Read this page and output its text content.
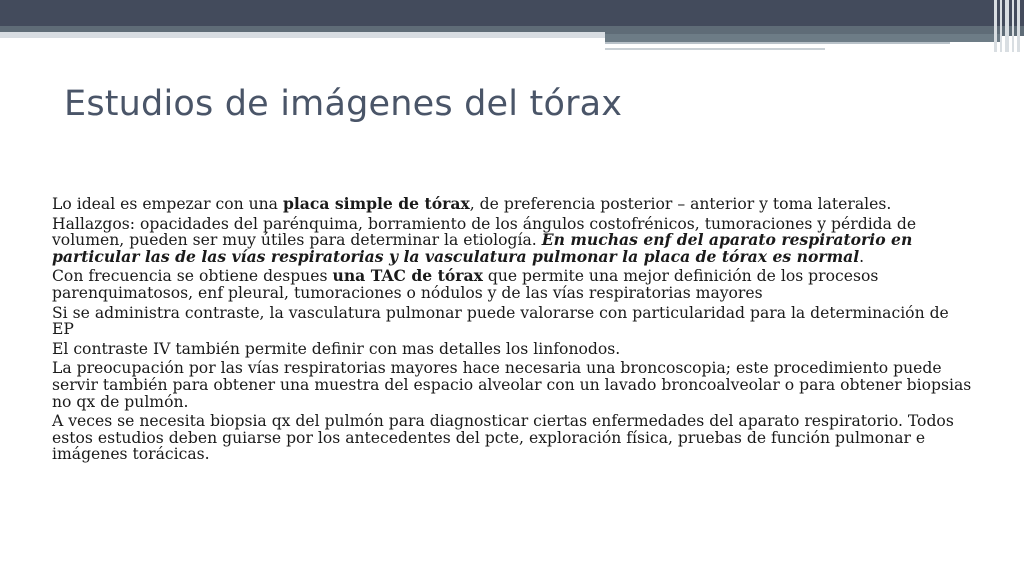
Estudios de imágenes del tórax

Lo ideal es empezar con una placa simple de tórax, de preferencia posterior – anterior y toma laterales.

Hallazgos: opacidades del parénquima, borramiento de los ángulos costofrénicos, tumoraciones y pérdida de volumen, pueden ser muy útiles para determinar la etiología. En muchas enf del aparato respiratorio en particular las de las vías respiratorias y la vasculatura pulmonar la placa de tórax es normal.

Con frecuencia se obtiene despues una TAC de tórax que permite una mejor definición de los procesos parenquimatosos, enf pleural, tumoraciones o nódulos y de las vías respiratorias mayores

Si se administra contraste, la vasculatura pulmonar puede valorarse con particularidad para la determinación de EP

El contraste IV también permite definir con mas detalles los linfonodos.

La preocupación por las vías respiratorias mayores hace necesaria una broncoscopia; este procedimiento puede servir también para obtener una muestra del espacio alveolar con un lavado broncoalveolar o para obtener biopsias no qx de pulmón.

A veces se necesita biopsia qx del pulmón para diagnosticar ciertas enfermedades del aparato respiratorio. Todos estos estudios deben guiarse por los antecedentes del pcte, exploración física, pruebas de función pulmonar e imágenes torácicas.
